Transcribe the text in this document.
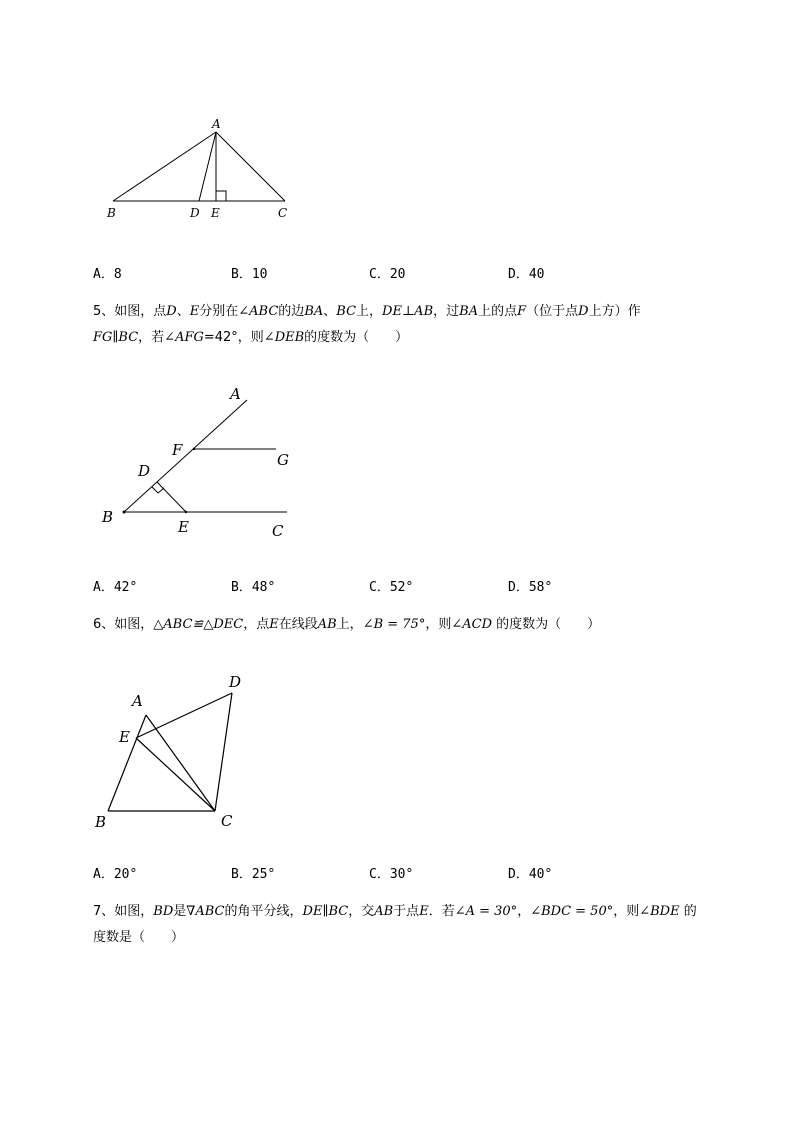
A
B	D E	C
A．8	B．10	C．20	D．40
5、如图，点D、E分别在∠ABC的边BA、BC上，DE⊥AB，过BA上的点F（位于点D上方）作
FG∥BC，若∠AFG=42°，则∠DEB的度数为（　　）
A
F
G
D
B
E	C
A．42°	B．48°	C．52°	D．58°
6、如图，△ABC≌△DEC，点E在线段AB上，∠B = 75°，则∠ACD 的度数为（　　）
A
D
E
B	C
A．20°	B．25°	C．30°	D．40°
7、如图，BD是∇ABC的角平分线，DE∥BC，交AB于点E．若∠A = 30°，∠BDC = 50°，则∠BDE 的
度数是（　　）
